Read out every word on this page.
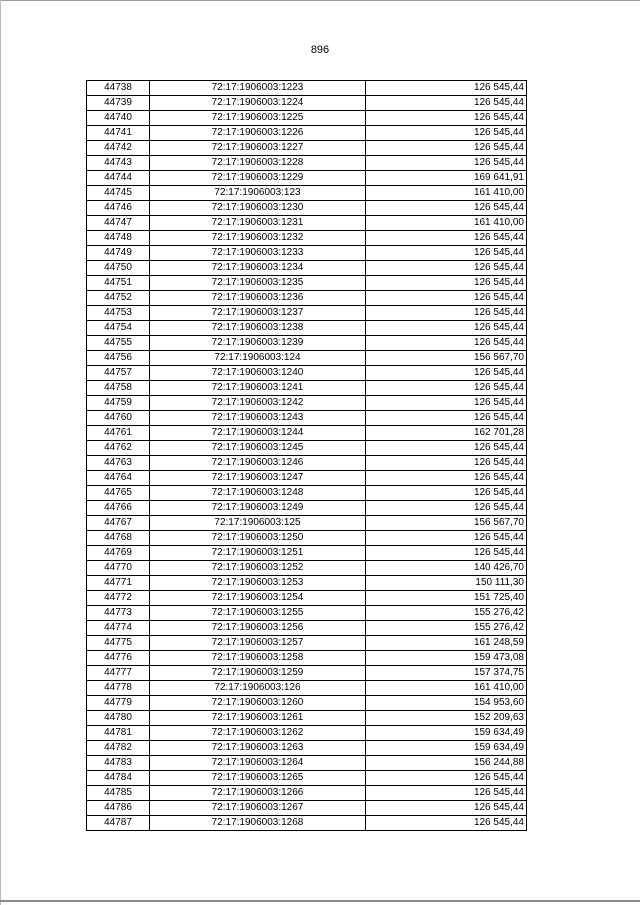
896
44738	72:17:1906003:1223	126 545,44
44739	72:17:1906003:1224	126 545,44
44740	72:17:1906003:1225	126 545,44
44741	72:17:1906003:1226	126 545,44
44742	72:17:1906003:1227	126 545,44
44743	72:17:1906003:1228	126 545,44
44744	72:17:1906003:1229	169 641,91
44745	72:17:1906003:123	161 410,00
44746	72:17:1906003:1230	126 545,44
44747	72:17:1906003:1231	161 410,00
44748	72:17:1906003:1232	126 545,44
44749	72:17:1906003:1233	126 545,44
44750	72:17:1906003:1234	126 545,44
44751	72:17:1906003:1235	126 545,44
44752	72:17:1906003:1236	126 545,44
44753	72:17:1906003:1237	126 545,44
44754	72:17:1906003:1238	126 545,44
44755	72:17:1906003:1239	126 545,44
44756	72:17:1906003:124	156 567,70
44757	72:17:1906003:1240	126 545,44
44758	72:17:1906003:1241	126 545,44
44759	72:17:1906003:1242	126 545,44
44760	72:17:1906003:1243	126 545,44
44761	72:17:1906003:1244	162 701,28
44762	72:17:1906003:1245	126 545,44
44763	72:17:1906003:1246	126 545,44
44764	72:17:1906003:1247	126 545,44
44765	72:17:1906003:1248	126 545,44
44766	72:17:1906003:1249	126 545,44
44767	72:17:1906003:125	156 567,70
44768	72:17:1906003:1250	126 545,44
44769	72:17:1906003:1251	126 545,44
44770	72:17:1906003:1252	140 426,70
44771	72:17:1906003:1253	150 111,30
44772	72:17:1906003:1254	151 725,40
44773	72:17:1906003:1255	155 276,42
44774	72:17:1906003:1256	155 276,42
44775	72:17:1906003:1257	161 248,59
44776	72:17:1906003:1258	159 473,08
44777	72:17:1906003:1259	157 374,75
44778	72:17:1906003:126	161 410,00
44779	72:17:1906003:1260	154 953,60
44780	72:17:1906003:1261	152 209,63
44781	72:17:1906003:1262	159 634,49
44782	72:17:1906003:1263	159 634,49
44783	72:17:1906003:1264	156 244,88
44784	72:17:1906003:1265	126 545,44
44785	72:17:1906003:1266	126 545,44
44786	72:17:1906003:1267	126 545,44
44787	72:17:1906003:1268	126 545,44
